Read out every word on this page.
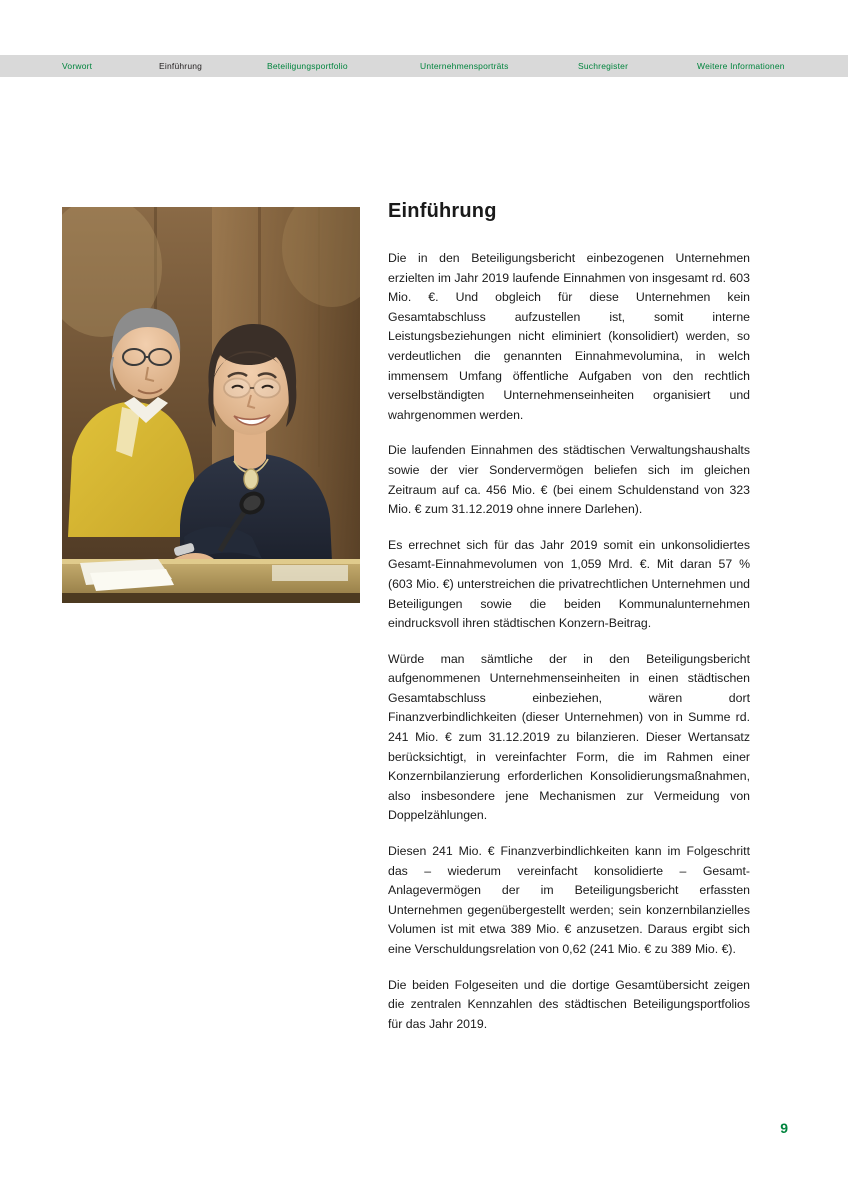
Vorwort	Einführung	Beteiligungsportfolio	Unternehmensporträts	Suchregister	Weitere Informationen
Einführung

Die in den Beteiligungsbericht einbezogenen Unternehmen erzielten im Jahr 2019 laufende Einnahmen von insgesamt rd. 603 Mio. €. Und obgleich für diese Unternehmen kein Gesamtabschluss aufzustellen ist, somit interne Leistungsbeziehungen nicht eliminiert (konsolidiert) werden, so verdeutlichen die genannten Einnahmevolumina, in welch immensem Umfang öffentliche Aufgaben von den rechtlich verselbständigten Unternehmenseinheiten organisiert und wahrgenommen werden.

Die laufenden Einnahmen des städtischen Verwaltungshaushalts sowie der vier Sondervermögen beliefen sich im gleichen Zeitraum auf ca. 456 Mio. € (bei einem Schuldenstand von 323 Mio. € zum 31.12.2019 ohne innere Darlehen).

Es errechnet sich für das Jahr 2019 somit ein unkonsolidiertes Gesamt-Einnahmevolumen von 1,059 Mrd. €. Mit daran 57 % (603 Mio. €) unterstreichen die privatrechtlichen Unternehmen und Beteiligungen sowie die beiden Kommunalunternehmen eindrucksvoll ihren städtischen Konzern-Beitrag.

Würde man sämtliche der in den Beteiligungsbericht aufgenommenen Unternehmenseinheiten in einen städtischen Gesamtabschluss einbeziehen, wären dort Finanzverbindlichkeiten (dieser Unternehmen) von in Summe rd. 241 Mio. € zum 31.12.2019 zu bilanzieren. Dieser Wertansatz berücksichtigt, in vereinfachter Form, die im Rahmen einer Konzernbilanzierung erforderlichen Konsolidierungsmaßnahmen, also insbesondere jene Mechanismen zur Vermeidung von Doppelzählungen.

Diesen 241 Mio. € Finanzverbindlichkeiten kann im Folgeschritt das – wiederum vereinfacht konsolidierte – Gesamt-Anlagevermögen der im Beteiligungsbericht erfassten Unternehmen gegenübergestellt werden; sein konzernbilanzielles Volumen ist mit etwa 389 Mio. € anzusetzen. Daraus ergibt sich eine Verschuldungsrelation von 0,62 (241 Mio. € zu 389 Mio. €).

Die beiden Folgeseiten und die dortige Gesamtübersicht zeigen die zentralen Kennzahlen des städtischen Beteiligungsportfolios für das Jahr 2019.

9
